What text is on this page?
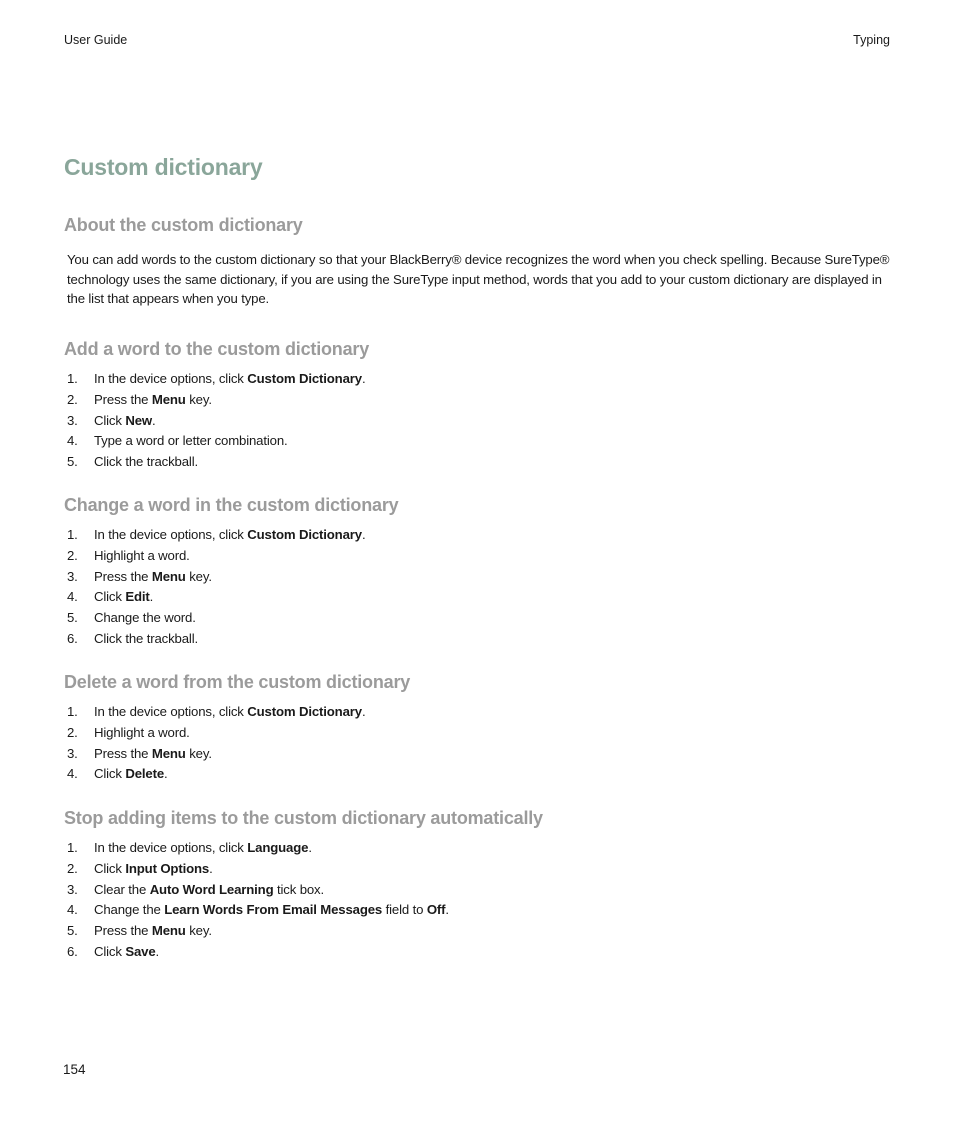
User Guide	Typing
Custom dictionary
About the custom dictionary

You can add words to the custom dictionary so that your BlackBerry® device recognizes the word when you check spelling. Because SureType® technology uses the same dictionary, if you are using the SureType input method, words that you add to your custom dictionary are displayed in the list that appears when you type.

Add a word to the custom dictionary
1. In the device options, click Custom Dictionary.
2. Press the Menu key.
3. Click New.
4. Type a word or letter combination.
5. Click the trackball.
Change a word in the custom dictionary
1. In the device options, click Custom Dictionary.
2. Highlight a word.
3. Press the Menu key.
4. Click Edit.
5. Change the word.
6. Click the trackball.
Delete a word from the custom dictionary
1. In the device options, click Custom Dictionary.
2. Highlight a word.
3. Press the Menu key.
4. Click Delete.
Stop adding items to the custom dictionary automatically
1. In the device options, click Language.
2. Click Input Options.
3. Clear the Auto Word Learning tick box.
4. Change the Learn Words From Email Messages field to Off.
5. Press the Menu key.
6. Click Save.
154
